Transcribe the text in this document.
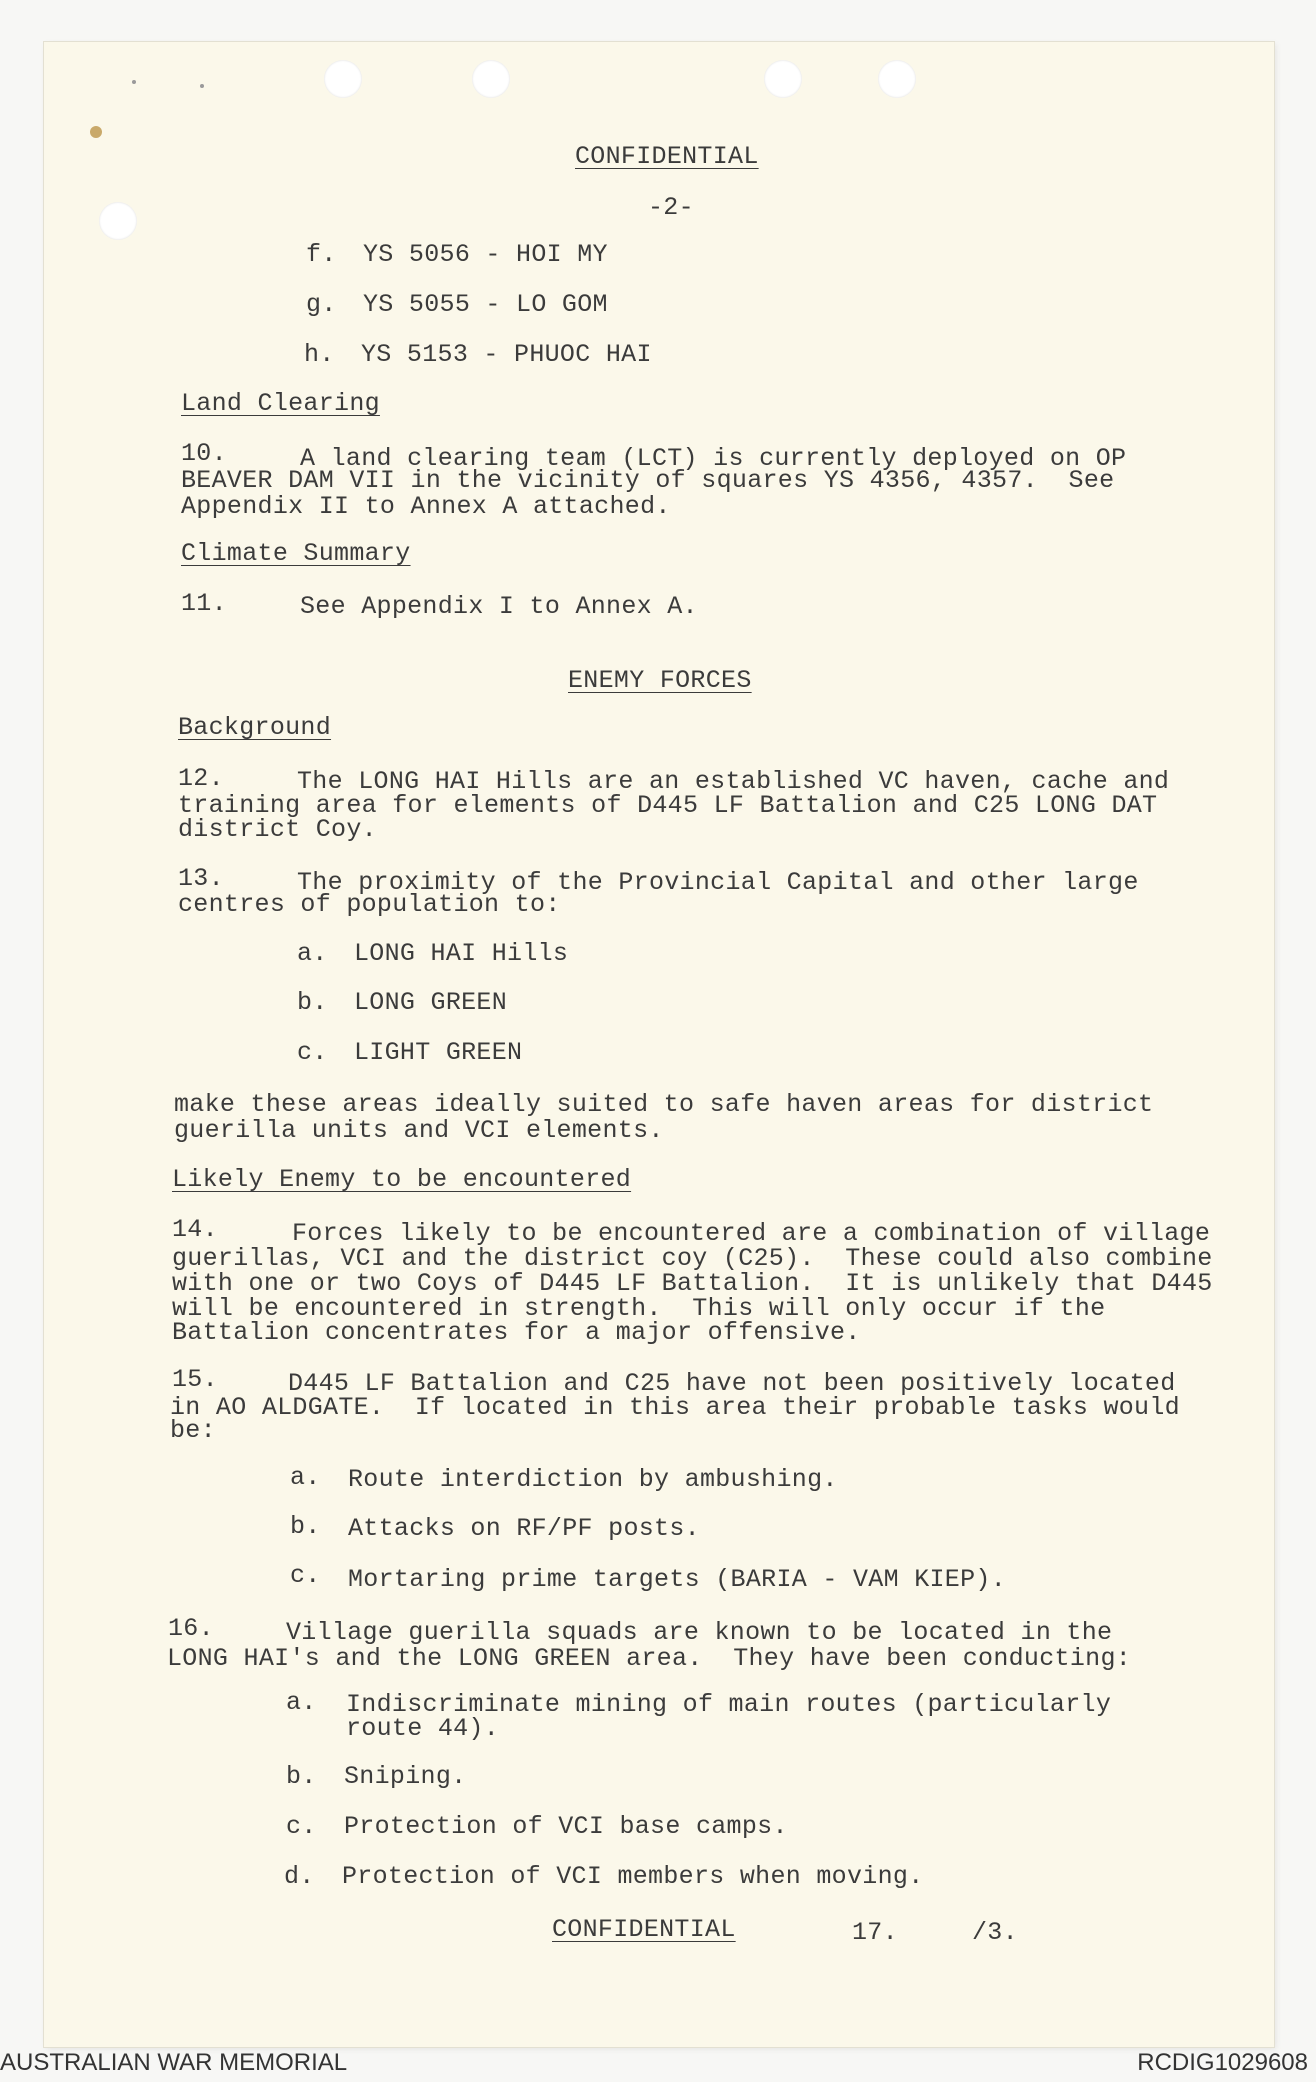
CONFIDENTIAL
-2-
f. YS 5056 - HOI MY
g. YS 5055 - LO GOM
h. YS 5153 - PHUOC HAI
Land Clearing
10.	A land clearing team (LCT) is currently deployed on OP
BEAVER DAM VII in the vicinity of squares YS 4356, 4357.  See
Appendix II to Annex A attached.
Climate Summary
11.	See Appendix I to Annex A.
ENEMY FORCES
Background
12.	The LONG HAI Hills are an established VC haven, cache and
training area for elements of D445 LF Battalion and C25 LONG DAT
district Coy.
13.	The proximity of the Provincial Capital and other large
centres of population to:
a. LONG HAI Hills
b. LONG GREEN
c. LIGHT GREEN
make these areas ideally suited to safe haven areas for district
guerilla units and VCI elements.
Likely Enemy to be encountered
14.	Forces likely to be encountered are a combination of village
guerillas, VCI and the district coy (C25).  These could also combine
with one or two Coys of D445 LF Battalion.  It is unlikely that D445
will be encountered in strength.  This will only occur if the
Battalion concentrates for a major offensive.
15.	D445 LF Battalion and C25 have not been positively located
in AO ALDGATE.  If located in this area their probable tasks would
be:
a. Route interdiction by ambushing.
b. Attacks on RF/PF posts.
c. Mortaring prime targets (BARIA - VAM KIEP).
16.	Village guerilla squads are known to be located in the
LONG HAI's and the LONG GREEN area.  They have been conducting:
a. Indiscriminate mining of main routes (particularly
route 44).
b. Sniping.
c. Protection of VCI base camps.
d. Protection of VCI members when moving.
CONFIDENTIAL	17.	/3.
AUSTRALIAN WAR MEMORIAL	RCDIG1029608
